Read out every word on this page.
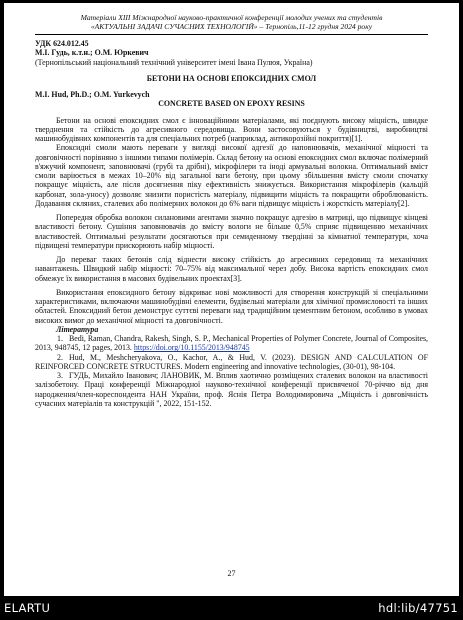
Матеріали XIII Міжнародної науково-практичної конференції молодих учених та студентів
«АКТУАЛЬНІ ЗАДАЧІ СУЧАСНИХ ТЕХНОЛОГІЙ» – Тернопіль,11-12 грудня 2024 року

УДК 624.012.45

М.І. Гудь, к.т.н.; О.М. Юркевич

(Тернопільський національний технічний університет імені Івана Пулюя, Україна)

БЕТОНИ НА ОСНОВІ ЕПОКСИДНИХ СМОЛ

M.I. Hud, Ph.D.; O.M. Yurkevych

CONCRETE BASED ON EPOXY RESINS

Бетони на основі епоксидних смол є інноваційними матеріалами, які поєднують високу міцність, швидке тверднення та стійкість до агресивного середовища. Вони застосовуються у будівництві, виробництві машинобудівних компонентів та для спеціальних потреб (наприклад, антикорозійні покриття)[1].

Епоксидні смоли мають переваги у вигляді високої адгезії до наповнювачів, механічної міцності та довговічності порівняно з іншими типами полімерів. Склад бетону на основі епоксидних смол включає полімерний в'яжучий компонент, заповнювачі (грубі та дрібні), мікрофілери та іноді армувальні волокна. Оптимальний вміст смоли варіюється в межах 10–20% від загальної ваги бетону, при цьому збільшення вмісту смоли спочатку покращує міцність, але після досягнення піку ефективність знижується. Використання мікрофілерів (кальцій карбонат, зола-уносу) дозволяє знизити пористість матеріалу, підвищити міцність та покращити оброблюваність. Додавання скляних, сталевих або полімерних волокон до 6% ваги підвищує міцність і жорсткість матеріалу[2].

Попередня обробка волокон силановими агентами значно покращує адгезію в матриці, що підвищує кінцеві властивості бетону. Сушіння заповнювачів до вмісту вологи не більше 0,5% сприяє підвищенню механічних властивостей. Оптимальні результати досягаються при семиденному твердінні за кімнатної температури, хоча підвищені температури прискорюють набір міцності.

До переваг таких бетонів слід віднести високу стійкість до агресивних середовищ та механічних навантажень. Швидкий набір міцності: 70–75% від максимальної через добу. Висока вартість епоксидних смол обмежує їх використання в масових будівельних проектах[3].

Використання епоксидного бетону відкриває нові можливості для створення конструкцій зі спеціальними характеристиками, включаючи машинобудівні елементи, будівельні матеріали для хімічної промисловості та інших областей. Епоксидний бетон демонструє суттєві переваги над традиційним цементним бетоном, особливо в умовах високих вимог до механічної міцності та довговічності.

Література

1. Bedi, Raman, Chandra, Rakesh, Singh, S. P., Mechanical Properties of Polymer Concrete, Journal of Composites, 2013, 948745, 12 pages, 2013. https://doi.org/10.1155/2013/948745

2. Hud, M., Meshcheryakova, O., Kachor, A., & Hud, V. (2023). DESIGN AND CALCULATION OF REINFORCED CONCRETE STRUCTURES. Modern engineering and innovative technologies, (30-01), 98-104.

3. ГУДЬ, Михайло Іванович; ЛАНОВИК, М. Вплив хаотично розміщених сталевих волокон на властивості залізобетону. Праці конференції Міжнародної науково-технічної конференції присвяченої 70-річчю від дня народження/член-кореспондента НАН України, проф. Яснія Петра Володимировича „Міцність і довговічність сучасних матеріалів та конструкцій ", 2022, 151-152.

27
ELARTU	hdl:lib/47751
